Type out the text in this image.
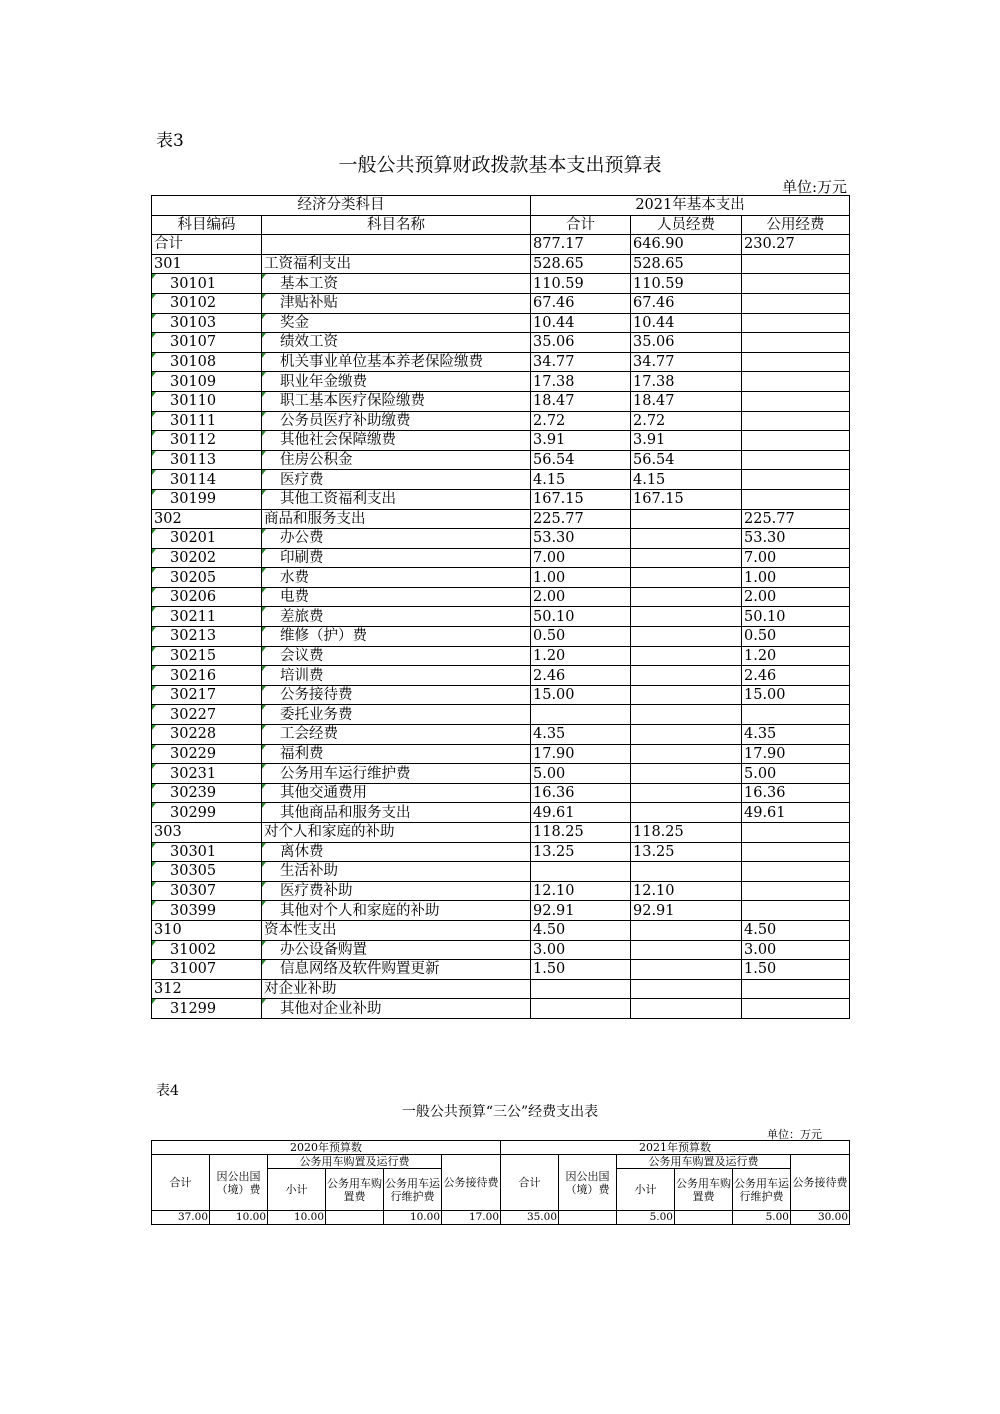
表3
一般公共预算财政拨款基本支出预算表
单位:万元
经济分类科目		2021年基本支出		
科目编码	科目名称	合计	人员经费	公用经费
合计		877.17	646.90	230.27
301	工资福利支出	528.65	528.65	
30101	基本工资	110.59	110.59	
30102	津贴补贴	67.46	67.46	
30103	奖金	10.44	10.44	
30107	绩效工资	35.06	35.06	
30108	机关事业单位基本养老保险缴费	34.77	34.77	
30109	职业年金缴费	17.38	17.38	
30110	职工基本医疗保险缴费	18.47	18.47	
30111	公务员医疗补助缴费	2.72	2.72	
30112	其他社会保障缴费	3.91	3.91	
30113	住房公积金	56.54	56.54	
30114	医疗费	4.15	4.15	
30199	其他工资福利支出	167.15	167.15	
302	商品和服务支出	225.77		225.77
30201	办公费	53.30		53.30
30202	印刷费	7.00		7.00
30205	水费	1.00		1.00
30206	电费	2.00		2.00
30211	差旅费	50.10		50.10
30213	维修（护）费	0.50		0.50
30215	会议费	1.20		1.20
30216	培训费	2.46		2.46
30217	公务接待费	15.00		15.00
30227	委托业务费			
30228	工会经费	4.35		4.35
30229	福利费	17.90		17.90
30231	公务用车运行维护费	5.00		5.00
30239	其他交通费用	16.36		16.36
30299	其他商品和服务支出	49.61		49.61
303	对个人和家庭的补助	118.25	118.25	
30301	离休费	13.25	13.25	
30305	生活补助			
30307	医疗费补助	12.10	12.10	
30399	其他对个人和家庭的补助	92.91	92.91	
310	资本性支出	4.50		4.50
31002	办公设备购置	3.00		3.00
31007	信息网络及软件购置更新	1.50		1.50
312	对企业补助			
31299	其他对企业补助			
表4
一般公共预算“三公”经费支出表
单位：万元
2020年预算数						2021年预算数					
合计	因公出国（境）费	公务用车购置及运行费			公务接待费	合计	因公出国（境）费	公务用车购置及运行费			公务接待费
		小计	公务用车购置费	公务用车运行维护费				小计	公务用车购置费	公务用车运行维护费	
37.00	10.00	10.00		10.00	17.00	35.00		5.00		5.00	30.00
